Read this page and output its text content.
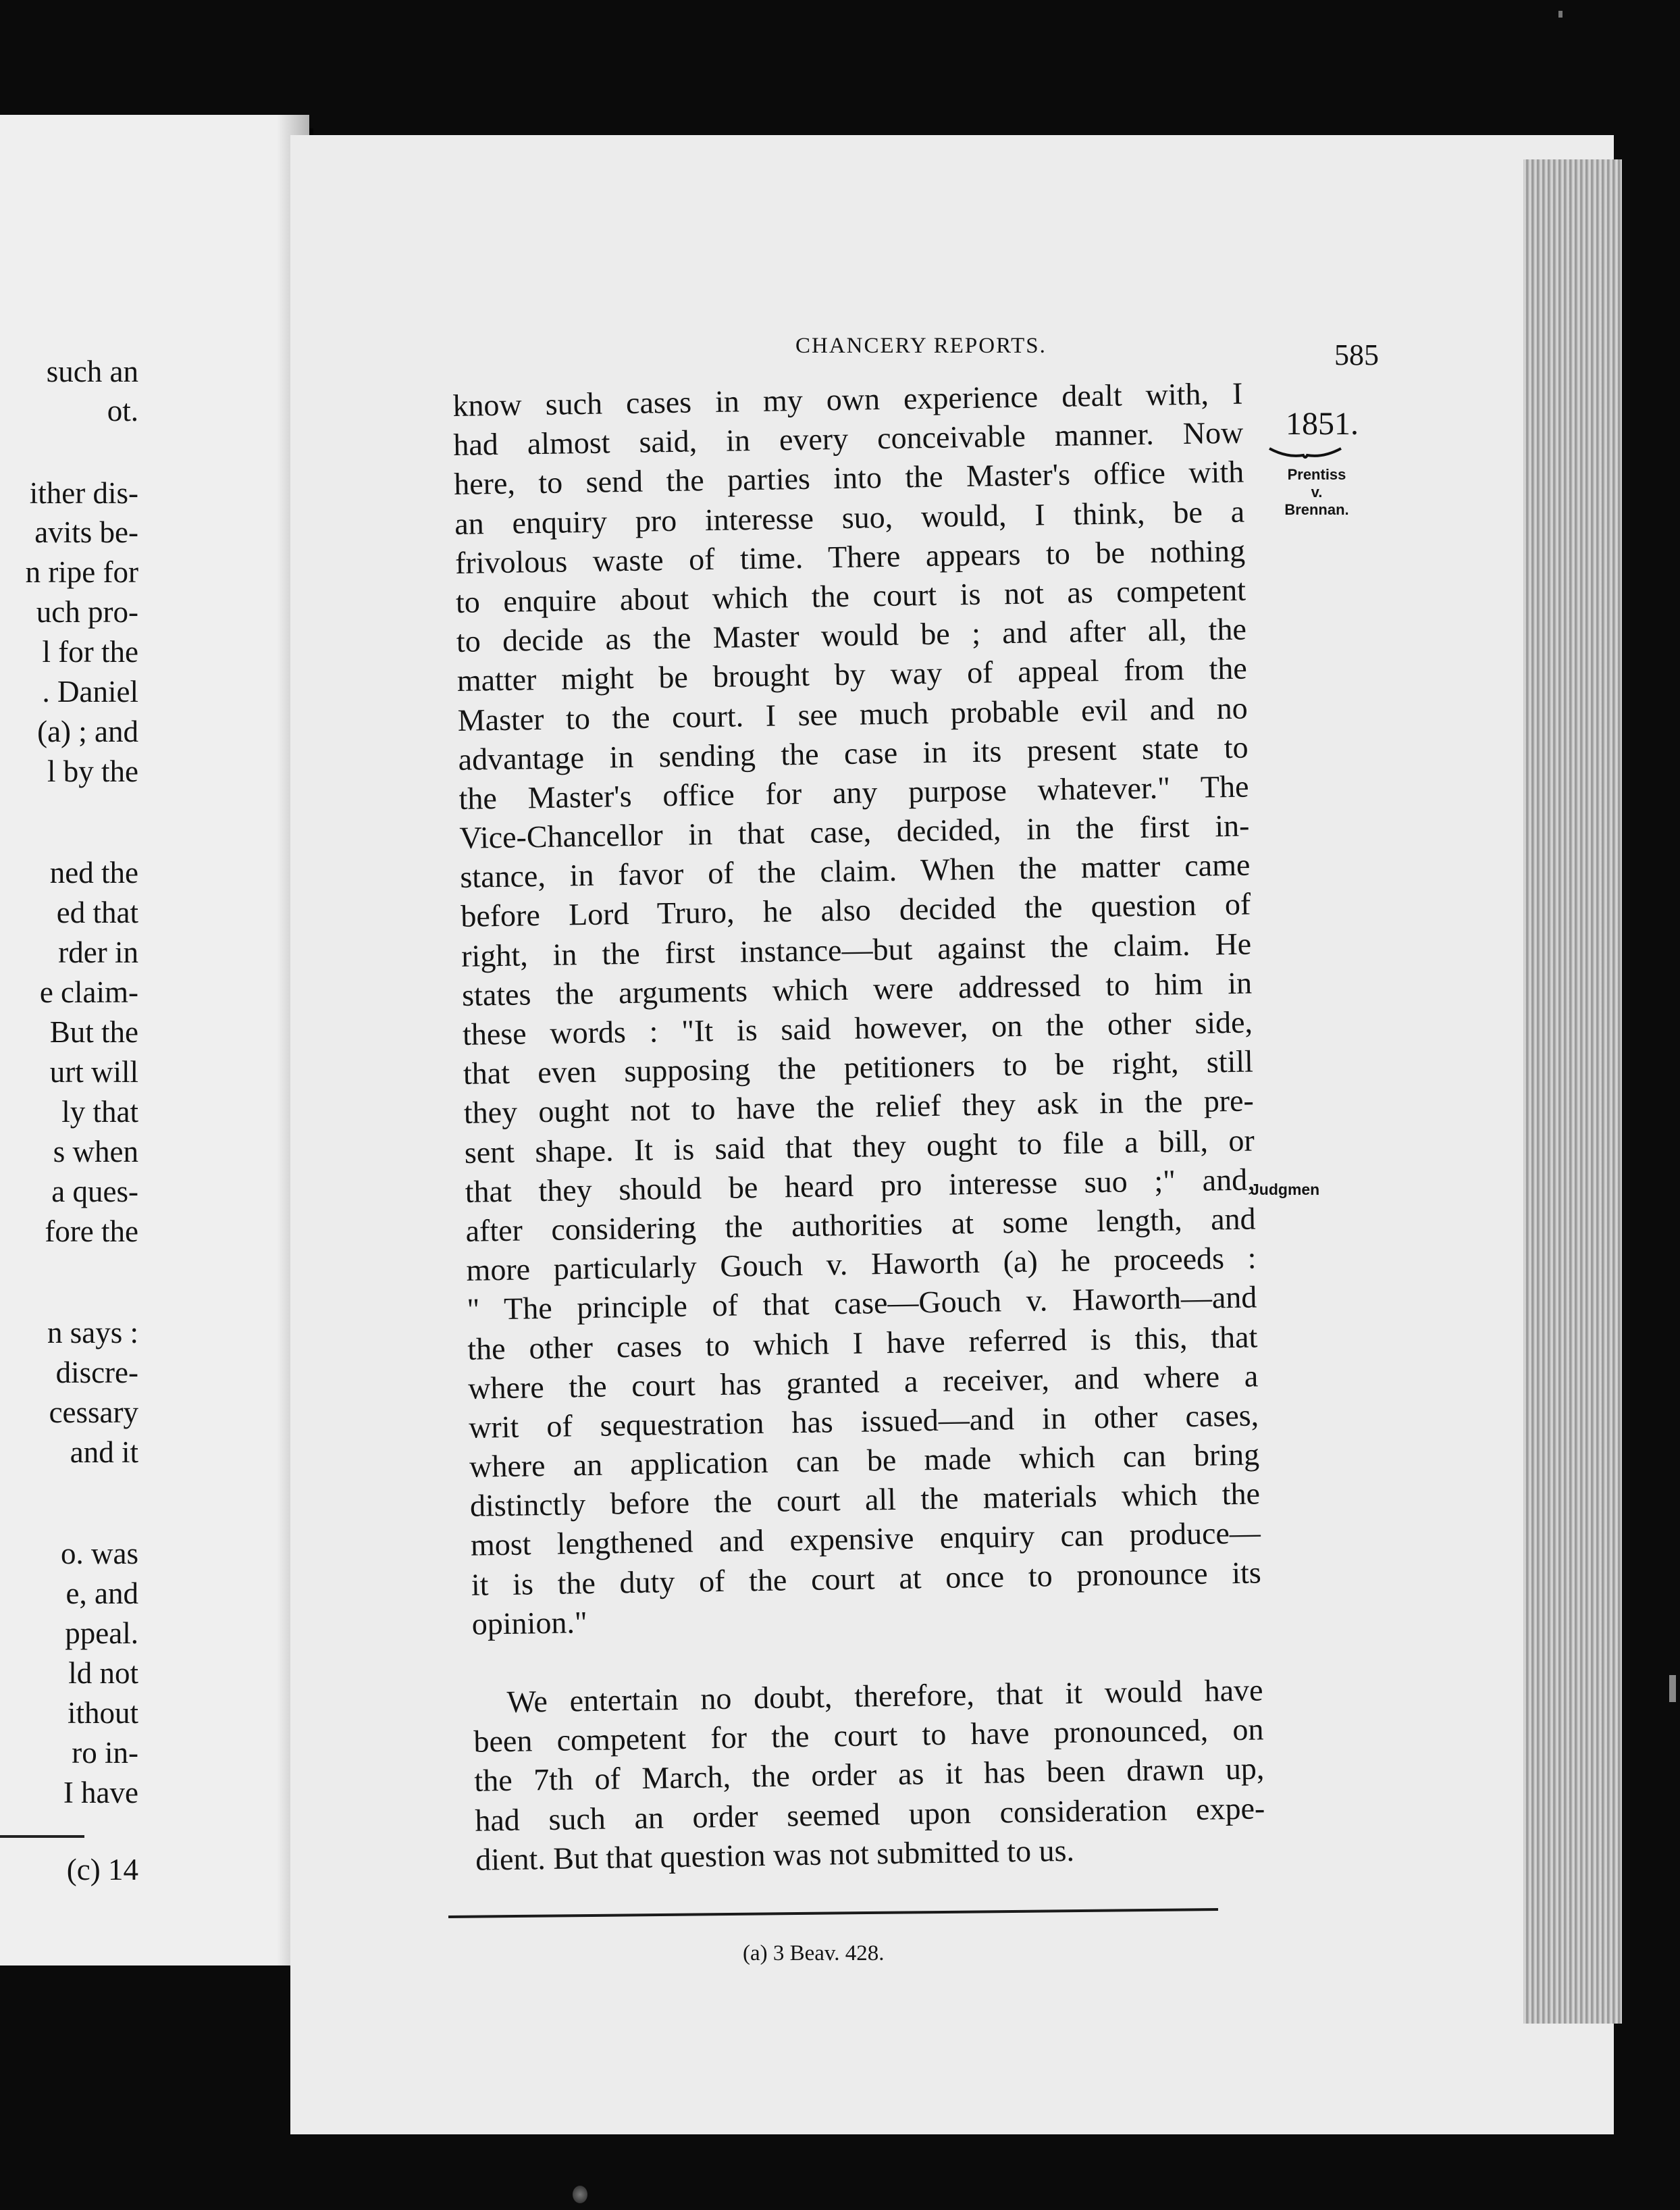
such an
ot.
ither dis-
avits be-
n ripe for
uch pro-
l for the
. Daniel
(a) ; and
l by the
ned the
ed that
rder in
e claim-
But the
urt will
ly that
s when
a ques-
fore the
n says :
discre-
cessary
and it
o. was
e, and
ppeal.
ld not
ithout
ro in-
I have
(c) 14
CHANCERY REPORTS.	585
1851.
Prentiss
v.
Brennan.
Judgmen
know such cases in my own experience dealt with, I
had almost said, in every conceivable manner. Now
here, to send the parties into the Master's office with
an enquiry pro interesse suo, would, I think, be a
frivolous waste of time. There appears to be nothing
to enquire about which the court is not as competent
to decide as the Master would be ; and after all, the
matter might be brought by way of appeal from the
Master to the court. I see much probable evil and no
advantage in sending the case in its present state to
the Master's office for any purpose whatever." The
Vice-Chancellor in that case, decided, in the first in-
stance, in favor of the claim. When the matter came
before Lord Truro, he also decided the question of
right, in the first instance—but against the claim. He
states the arguments which were addressed to him in
these words : "It is said however, on the other side,
that even supposing the petitioners to be right, still
they ought not to have the relief they ask in the pre-
sent shape. It is said that they ought to file a bill, or
that they should be heard pro interesse suo ;" and,
after considering the authorities at some length, and
more particularly Gouch v. Haworth (a) he proceeds :
" The principle of that case—Gouch v. Haworth—and
the other cases to which I have referred is this, that
where the court has granted a receiver, and where a
writ of sequestration has issued—and in other cases,
where an application can be made which can bring
distinctly before the court all the materials which the
most lengthened and expensive enquiry can produce—
it is the duty of the court at once to pronounce its
opinion."
We entertain no doubt, therefore, that it would have
been competent for the court to have pronounced, on
the 7th of March, the order as it has been drawn up,
had such an order seemed upon consideration expe-
dient. But that question was not submitted to us.
(a) 3 Beav. 428.
